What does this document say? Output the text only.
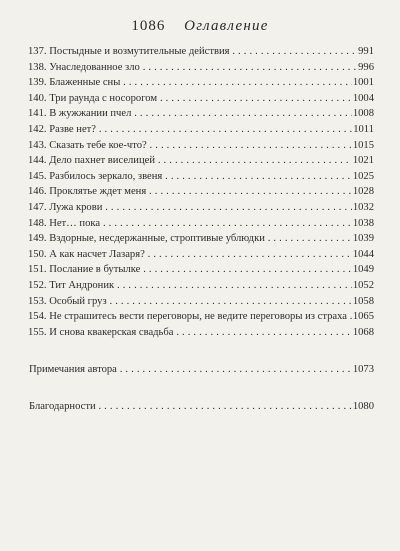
1086 Оглавление
137. Постыдные и возмутительные действия . . .	991
138. Унаследованное зло . . .	996
139. Блаженные сны . . .	1001
140. Три раунда с носорогом . . .	1004
141. В жужжании пчел . . .	1008
142. Разве нет? . . .	1011
143. Сказать тебе кое-что? . . .	1015
144. Дело пахнет виселицей . . .	1021
145. Разбилось зеркало, звеня . . .	1025
146. Проклятье ждет меня . . .	1028
147. Лужа крови . . .	1032
148. Нет… пока . . .	1038
149. Вздорные, несдержанные, строптивые ублюдки . . .	1039
150. А как насчет Лазаря? . . .	1044
151. Послание в бутылке . . .	1049
152. Тит Андроник . . .	1052
153. Особый груз . . .	1058
154. Не страшитесь вести переговоры, не ведите переговоры из страха . . . 1065
155. И снова квакерская свадьба . . .	1068
Примечания автора . . .	1073
Благодарности . . .	1080
